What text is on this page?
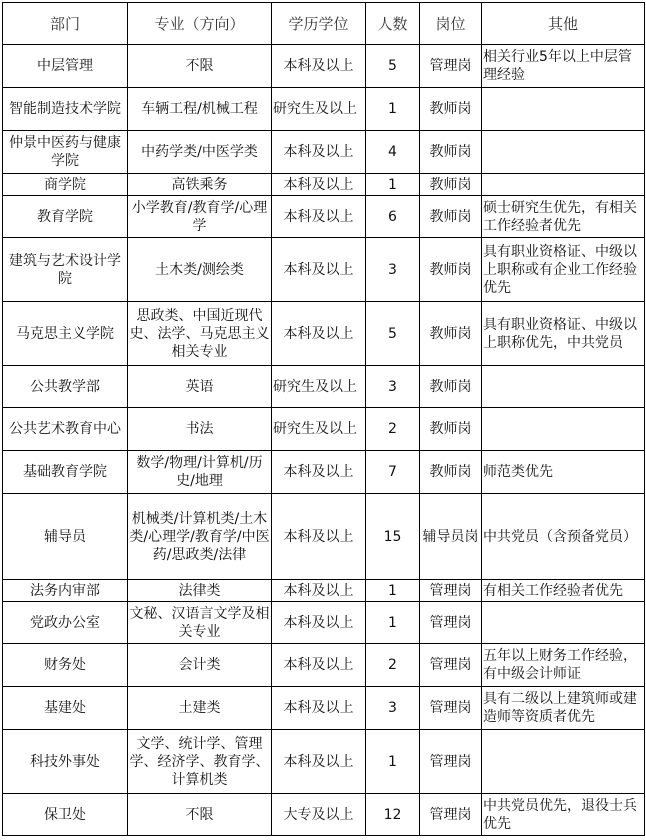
部门	专业（方向）	学历学位	人数	岗位	其他
中层管理	不限	本科及以上	5	管理岗	相关行业5年以上中层管理经验
智能制造技术学院	车辆工程/机械工程	研究生及以上	1	教师岗	
仲景中医药与健康学院	中药学类/中医学类	本科及以上	4	教师岗	
商学院	高铁乘务	本科及以上	1	教师岗	
教育学院	小学教育/教育学/心理学	本科及以上	6	教师岗	硕士研究生优先，有相关工作经验者优先
建筑与艺术设计学院	土木类/测绘类	本科及以上	3	教师岗	具有职业资格证、中级以上职称或有企业工作经验优先
马克思主义学院	思政类、中国近现代史、法学、马克思主义相关专业	本科及以上	5	教师岗	具有职业资格证、中级以上职称优先，中共党员
公共教学部	英语	研究生及以上	3	教师岗	
公共艺术教育中心	书法	研究生及以上	2	教师岗	
基础教育学院	数学/物理/计算机/历史/地理	本科及以上	7	教师岗	师范类优先
辅导员	机械类/计算机类/土木类/心理学/教育学/中医药/思政类/法律	本科及以上	15	辅导员岗	中共党员（含预备党员）
法务内审部	法律类	本科及以上	1	管理岗	有相关工作经验者优先
党政办公室	文秘、汉语言文学及相关专业	本科及以上	1	管理岗	
财务处	会计类	本科及以上	2	管理岗	五年以上财务工作经验，有中级会计师证
基建处	土建类	本科及以上	3	管理岗	具有二级以上建筑师或建造师等资质者优先
科技外事处	文学、统计学、管理学、经济学、教育学、计算机类	本科及以上	1	管理岗	
保卫处	不限	大专及以上	12	管理岗	中共党员优先，退役士兵优先
